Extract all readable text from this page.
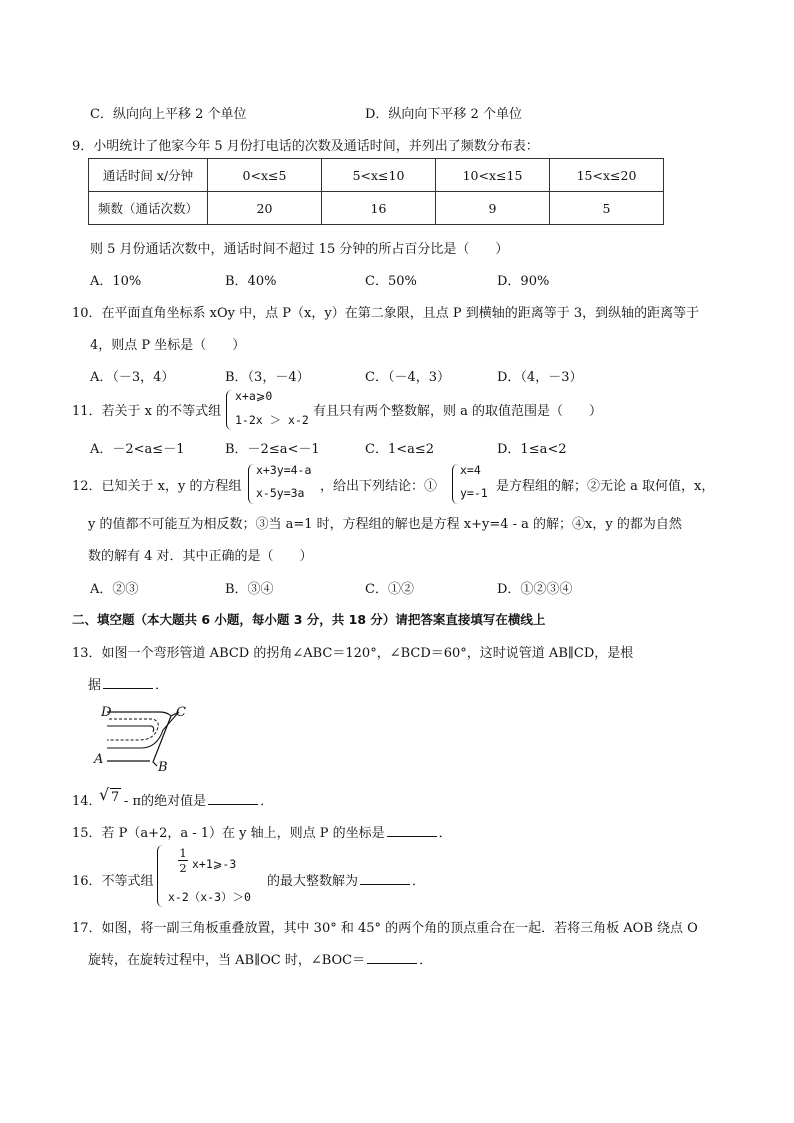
C．纵向向上平移 2 个单位	D．纵向向下平移 2 个单位
9．小明统计了他家今年 5 月份打电话的次数及通话时间，并列出了频数分布表：
通话时间 x/分钟	0<x≤5	5<x≤10	10<x≤15	15<x≤20
频数（通话次数）	20	16	9	5
则 5 月份通话次数中，通话时间不超过 15 分钟的所占百分比是（　　）
A．10%	B．40%	C．50%	D．90%
10．在平面直角坐标系 xOy 中，点 P（x，y）在第二象限，且点 P 到横轴的距离等于 3，到纵轴的距离等于
4，则点 P 坐标是（　　）
A．（－3，4）	B．（3，－4）	C．（－4，3）	D．（4，－3）
11．若关于 x 的不等式组
x+a⩾0
1-2x ＞ x-2
有且只有两个整数解，则 a 的取值范围是（　　）
A．－2<a≤－1	B．－2≤a<－1	C．1<a≤2	D．1≤a<2
12．已知关于 x，y 的方程组
x+3y=4-a
x-5y=3a ，给出下列结论：①
x=4
y=-1 是方程组的解；②无论 a 取何值，x，
y 的值都不可能互为相反数；③当 a=1 时，方程组的解也是方程 x+y=4 - a 的解；④x，y 的都为自然
数的解有 4 对．其中正确的是（　　）
A．②③	B．③④	C．①②	D．①②③④
二、填空题（本大题共 6 小题，每小题 3 分，共 18 分）请把答案直接填写在横线上
13．如图一个弯形管道 ABCD 的拐角∠ABC＝120°，∠BCD＝60°，这时说管道 AB∥CD，是根
据	．
D	C
A
B
14．
√ 7 - π的绝对值是	．
15．若 P（a+2，a - 1）在 y 轴上，则点 P 的坐标是	．
16．不等式组
$\frac{1}{2}$ x+1⩾-3
x-2（x-3）＞0
的最大整数解为	．
17．如图，将一副三角板重叠放置，其中 30° 和 45° 的两个角的顶点重合在一起．若将三角板 AOB 绕点 O
旋转，在旋转过程中，当 AB∥OC 时，∠BOC＝	．
